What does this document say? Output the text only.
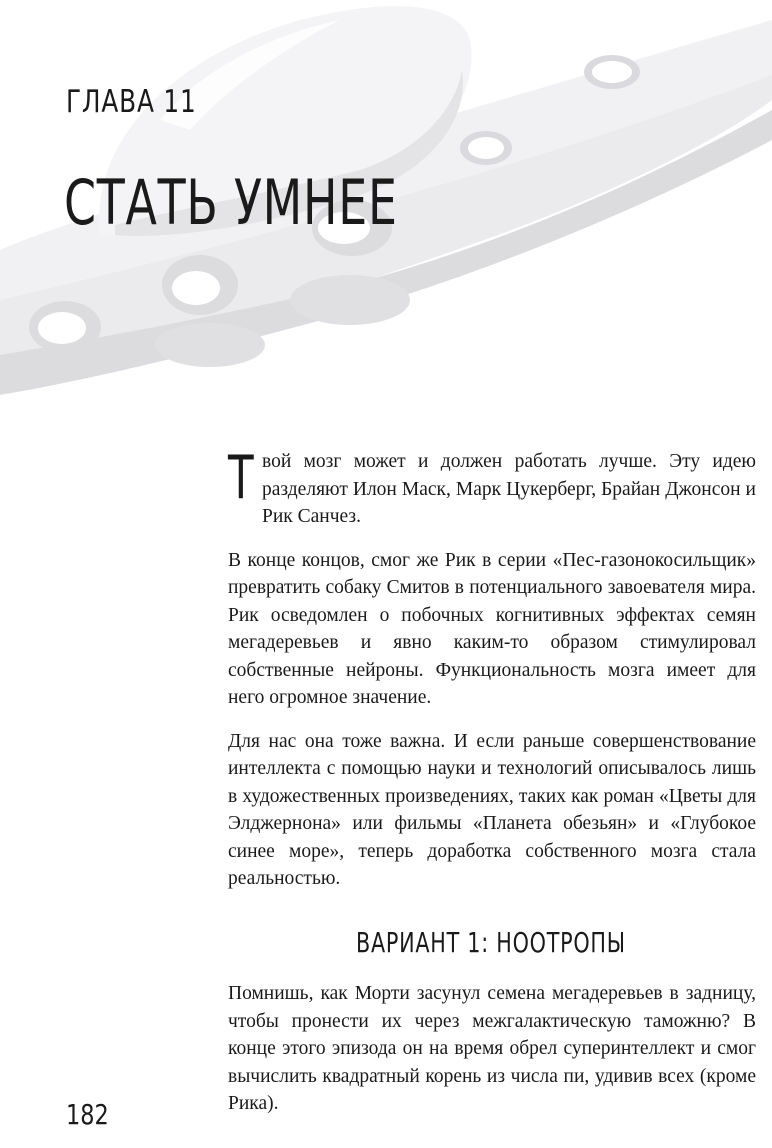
ГЛАВА 11
СТАТЬ УМНЕЕ

Твой мозг может и должен работать лучше. Эту идею разделяют Илон Маск, Марк Цукерберг, Брайан Джонсон и Рик Санчез.

В конце концов, смог же Рик в серии «Пес-газонокосильщик» превратить собаку Смитов в потенциального завоевателя мира. Рик осведомлен о побочных когнитивных эффектах семян мегадеревьев и явно каким-то образом стимулировал собственные нейроны. Функциональность мозга имеет для него огромное значение.

Для нас она тоже важна. И если раньше совершенствование интеллекта с помощью науки и технологий описывалось лишь в художественных произведениях, таких как роман «Цветы для Элджернона» или фильмы «Планета обезьян» и «Глубокое синее море», теперь доработка собственного мозга стала реальностью.

ВАРИАНТ 1: НООТРОПЫ

Помнишь, как Морти засунул семена мегадеревьев в задницу, чтобы пронести их через межгалактическую таможню? В конце этого эпизода он на время обрел суперинтеллект и смог вычислить квадратный корень из числа пи, удивив всех (кроме Рика).

182
